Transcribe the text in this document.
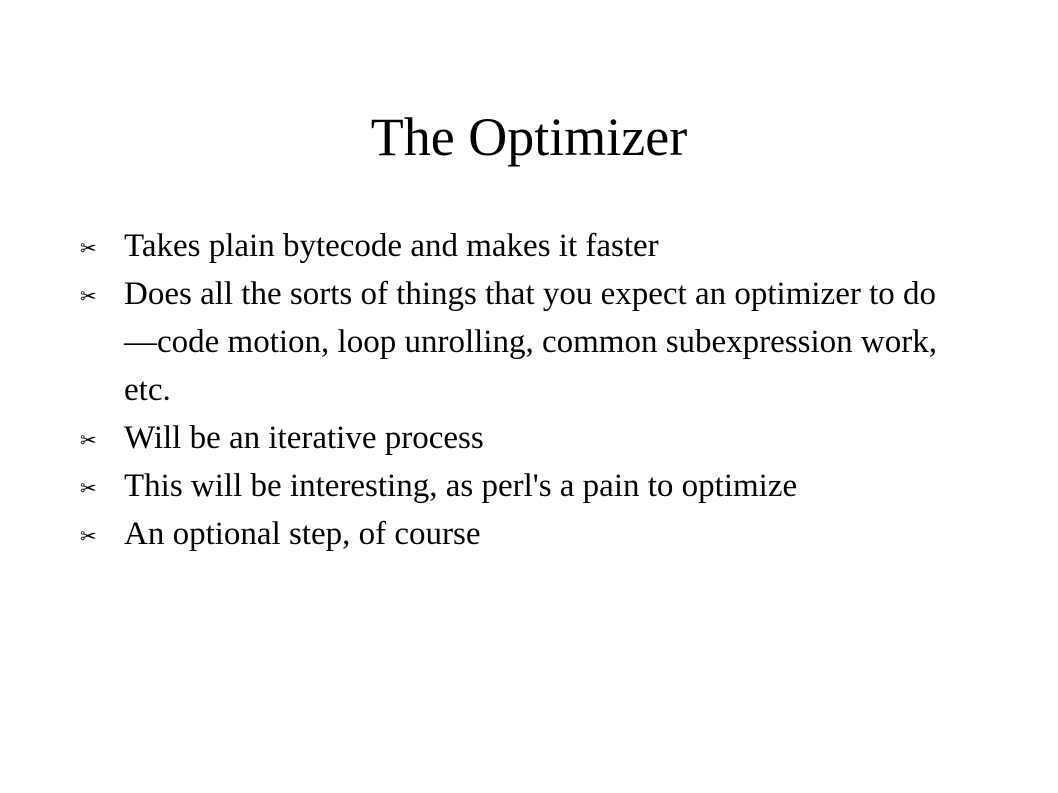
The Optimizer
✂ Takes plain bytecode and makes it faster
✂ Does all the sorts of things that you expect an optimizer to do—code motion, loop unrolling, common subexpression work, etc.
✂ Will be an iterative process
✂ This will be interesting, as perl's a pain to optimize
✂ An optional step, of course
